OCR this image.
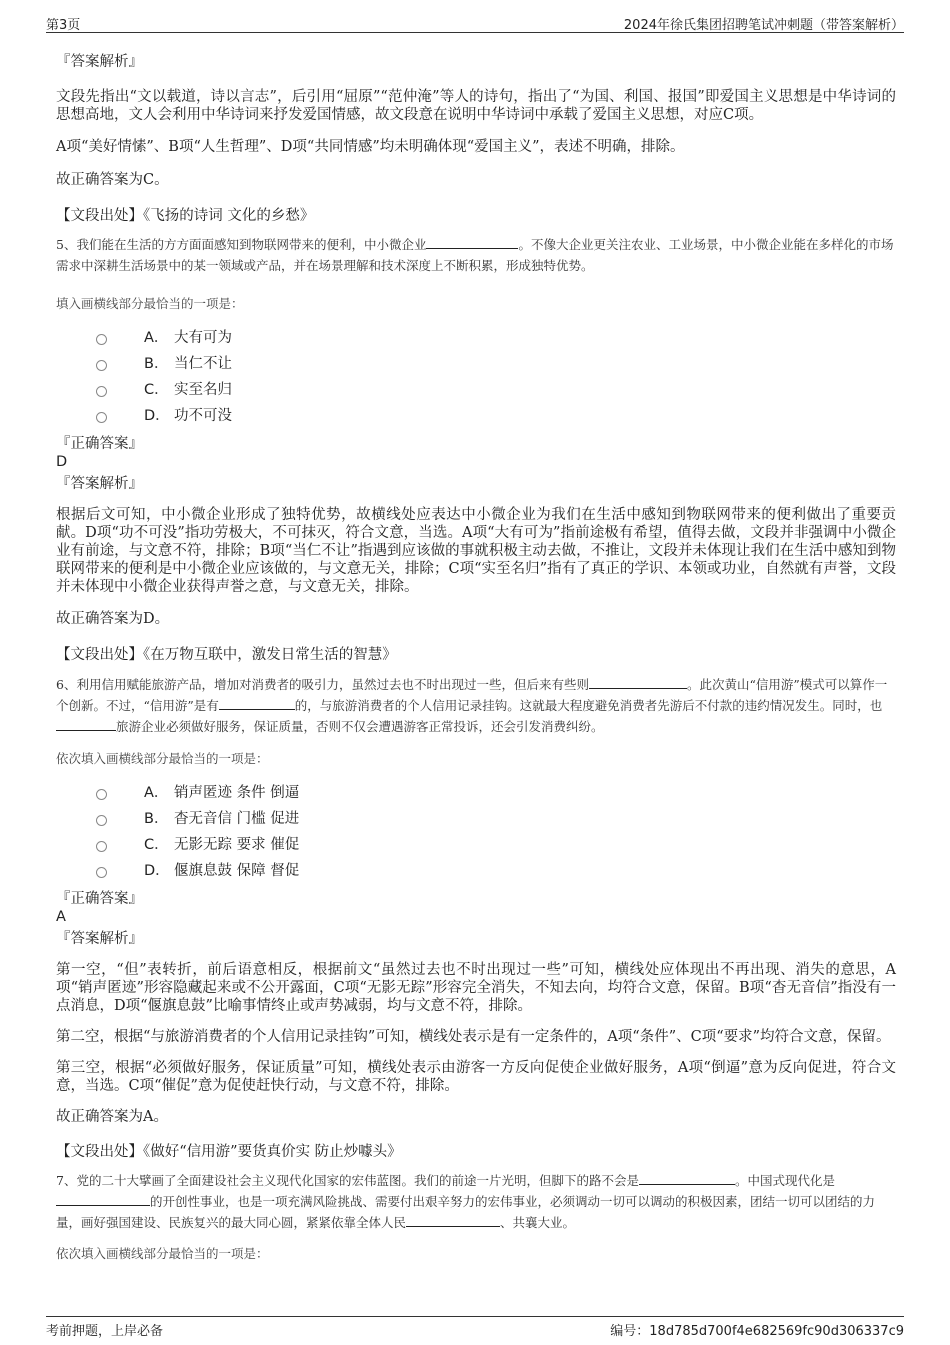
第3页	2024年徐氏集团招聘笔试冲刺题（带答案解析）

『答案解析』

文段先指出“文以载道，诗以言志”，后引用“屈原”“范仲淹”等人的诗句，指出了“为国、利国、报国”即爱国主义思想是中华诗词的思想高地，文人会利用中华诗词来抒发爱国情感，故文段意在说明中华诗词中承载了爱国主义思想，对应C项。

A项“美好情愫”、B项“人生哲理”、D项“共同情感”均未明确体现“爱国主义”，表述不明确，排除。

故正确答案为C。

【文段出处】《飞扬的诗词 文化的乡愁》

5、我们能在生活的方方面面感知到物联网带来的便利，中小微企业	。不像大企业更关注农业、工业场景，中小微企业能在多样化的市场需求中深耕生活场景中的某一领域或产品，并在场景理解和技术深度上不断积累，形成独特优势。

填入画横线部分最恰当的一项是：

A． 大有可为
B． 当仁不让
C． 实至名归
D． 功不可没

『正确答案』

D

『答案解析』

根据后文可知，中小微企业形成了独特优势，故横线处应表达中小微企业为我们在生活中感知到物联网带来的便利做出了重要贡献。D项“功不可没”指功劳极大，不可抹灭，符合文意，当选。A项“大有可为”指前途极有希望，值得去做，文段并非强调中小微企业有前途，与文意不符，排除；B项“当仁不让”指遇到应该做的事就积极主动去做，不推让，文段并未体现让我们在生活中感知到物联网带来的便利是中小微企业应该做的，与文意无关，排除；C项“实至名归”指有了真正的学识、本领或功业，自然就有声誉，文段并未体现中小微企业获得声誉之意，与文意无关，排除。

故正确答案为D。

【文段出处】《在万物互联中，激发日常生活的智慧》

6、利用信用赋能旅游产品，增加对消费者的吸引力，虽然过去也不时出现过一些，但后来有些则	。此次黄山“信用游”模式可以算作一个创新。不过，“信用游”是有	的，与旅游消费者的个人信用记录挂钩。这就最大程度避免消费者先游后不付款的违约情况发生。同时，也旅游企业必须做好服务，保证质量，否则不仅会遭遇游客正常投诉，还会引发消费纠纷。

依次填入画横线部分最恰当的一项是：

A． 销声匿迹 条件 倒逼
B． 杳无音信 门槛 促进
C． 无影无踪 要求 催促
D． 偃旗息鼓 保障 督促

『正确答案』

A

『答案解析』

第一空，“但”表转折，前后语意相反，根据前文“虽然过去也不时出现过一些”可知，横线处应体现出不再出现、消失的意思，A项“销声匿迹”形容隐藏起来或不公开露面，C项“无影无踪”形容完全消失，不知去向，均符合文意，保留。B项“杳无音信”指没有一点消息，D项“偃旗息鼓”比喻事情终止或声势减弱，均与文意不符，排除。

第二空，根据“与旅游消费者的个人信用记录挂钩”可知，横线处表示是有一定条件的，A项“条件”、C项“要求”均符合文意，保留。

第三空，根据“必须做好服务，保证质量”可知，横线处表示由游客一方反向促使企业做好服务，A项“倒逼”意为反向促进，符合文意，当选。C项“催促”意为促使赶快行动，与文意不符，排除。

故正确答案为A。

【文段出处】《做好“信用游”要货真价实 防止炒噱头》

7、党的二十大擘画了全面建设社会主义现代化国家的宏伟蓝图。我们的前途一片光明，但脚下的路不会是	。中国式现代化是的开创性事业，也是一项充满风险挑战、需要付出艰辛努力的宏伟事业，必须调动一切可以调动的积极因素，团结一切可以团结的力量，画好强国建设、民族复兴的最大同心圆，紧紧依靠全体人民	、共襄大业。

依次填入画横线部分最恰当的一项是：

考前押题，上岸必备	编号：18d785d700f4e682569fc90d306337c9
